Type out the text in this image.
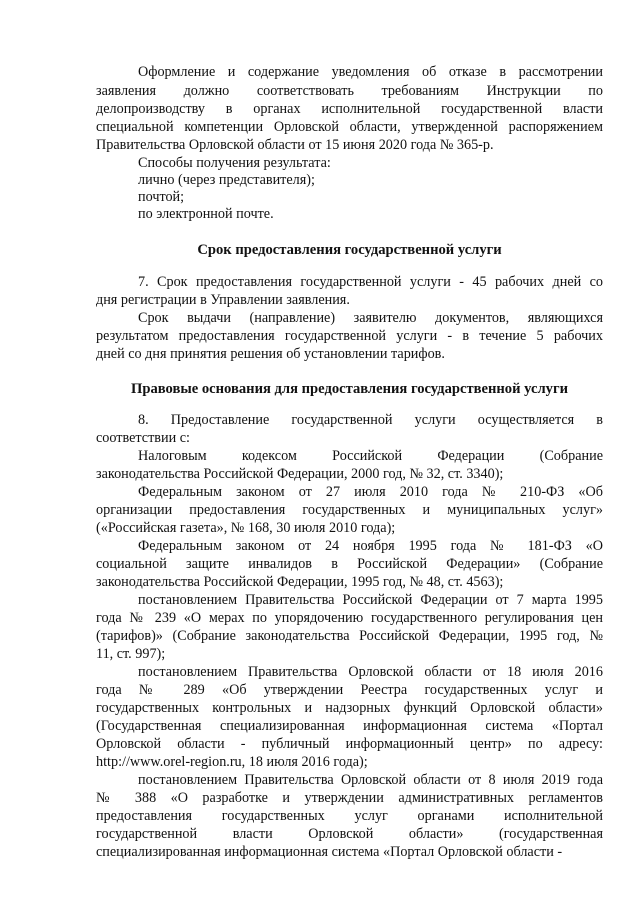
Оформление и содержание уведомления об отказе в рассмотрении
заявления должно соответствовать требованиям Инструкции по
делопроизводству в органах исполнительной государственной власти
специальной компетенции Орловской области, утвержденной распоряжением
Правительства Орловской области от 15 июня 2020 года № 365-р.
Способы получения результата:
лично (через представителя);
почтой;
по электронной почте.
Срок предоставления государственной услуги
7. Срок предоставления государственной услуги - 45 рабочих дней со
дня регистрации в Управлении заявления.
Срок выдачи (направление) заявителю документов, являющихся
результатом предоставления государственной услуги - в течение 5 рабочих
дней со дня принятия решения об установлении тарифов.
Правовые основания для предоставления государственной услуги
8. Предоставление государственной услуги осуществляется в
соответствии с:
Налоговым кодексом Российской Федерации (Собрание
законодательства Российской Федерации, 2000 год, № 32, ст. 3340);
Федеральным законом от 27 июля 2010 года № 210-ФЗ «Об
организации предоставления государственных и муниципальных услуг»
(«Российская газета», № 168, 30 июля 2010 года);
Федеральным законом от 24 ноября 1995 года № 181-ФЗ «О
социальной защите инвалидов в Российской Федерации» (Собрание
законодательства Российской Федерации, 1995 год, № 48, ст. 4563);
постановлением Правительства Российской Федерации от 7 марта 1995
года № 239 «О мерах по упорядочению государственного регулирования цен
(тарифов)» (Собрание законодательства Российской Федерации, 1995 год, №
11, ст. 997);
постановлением Правительства Орловской области от 18 июля 2016
года № 289 «Об утверждении Реестра государственных услуг и
государственных контрольных и надзорных функций Орловской области»
(Государственная специализированная информационная система «Портал
Орловской области - публичный информационный центр» по адресу:
http://www.orel-region.ru, 18 июля 2016 года);
постановлением Правительства Орловской области от 8 июля 2019 года
№ 388 «О разработке и утверждении административных регламентов
предоставления государственных услуг органами исполнительной
государственной власти Орловской области» (государственная
специализированная информационная система «Портал Орловской области -
